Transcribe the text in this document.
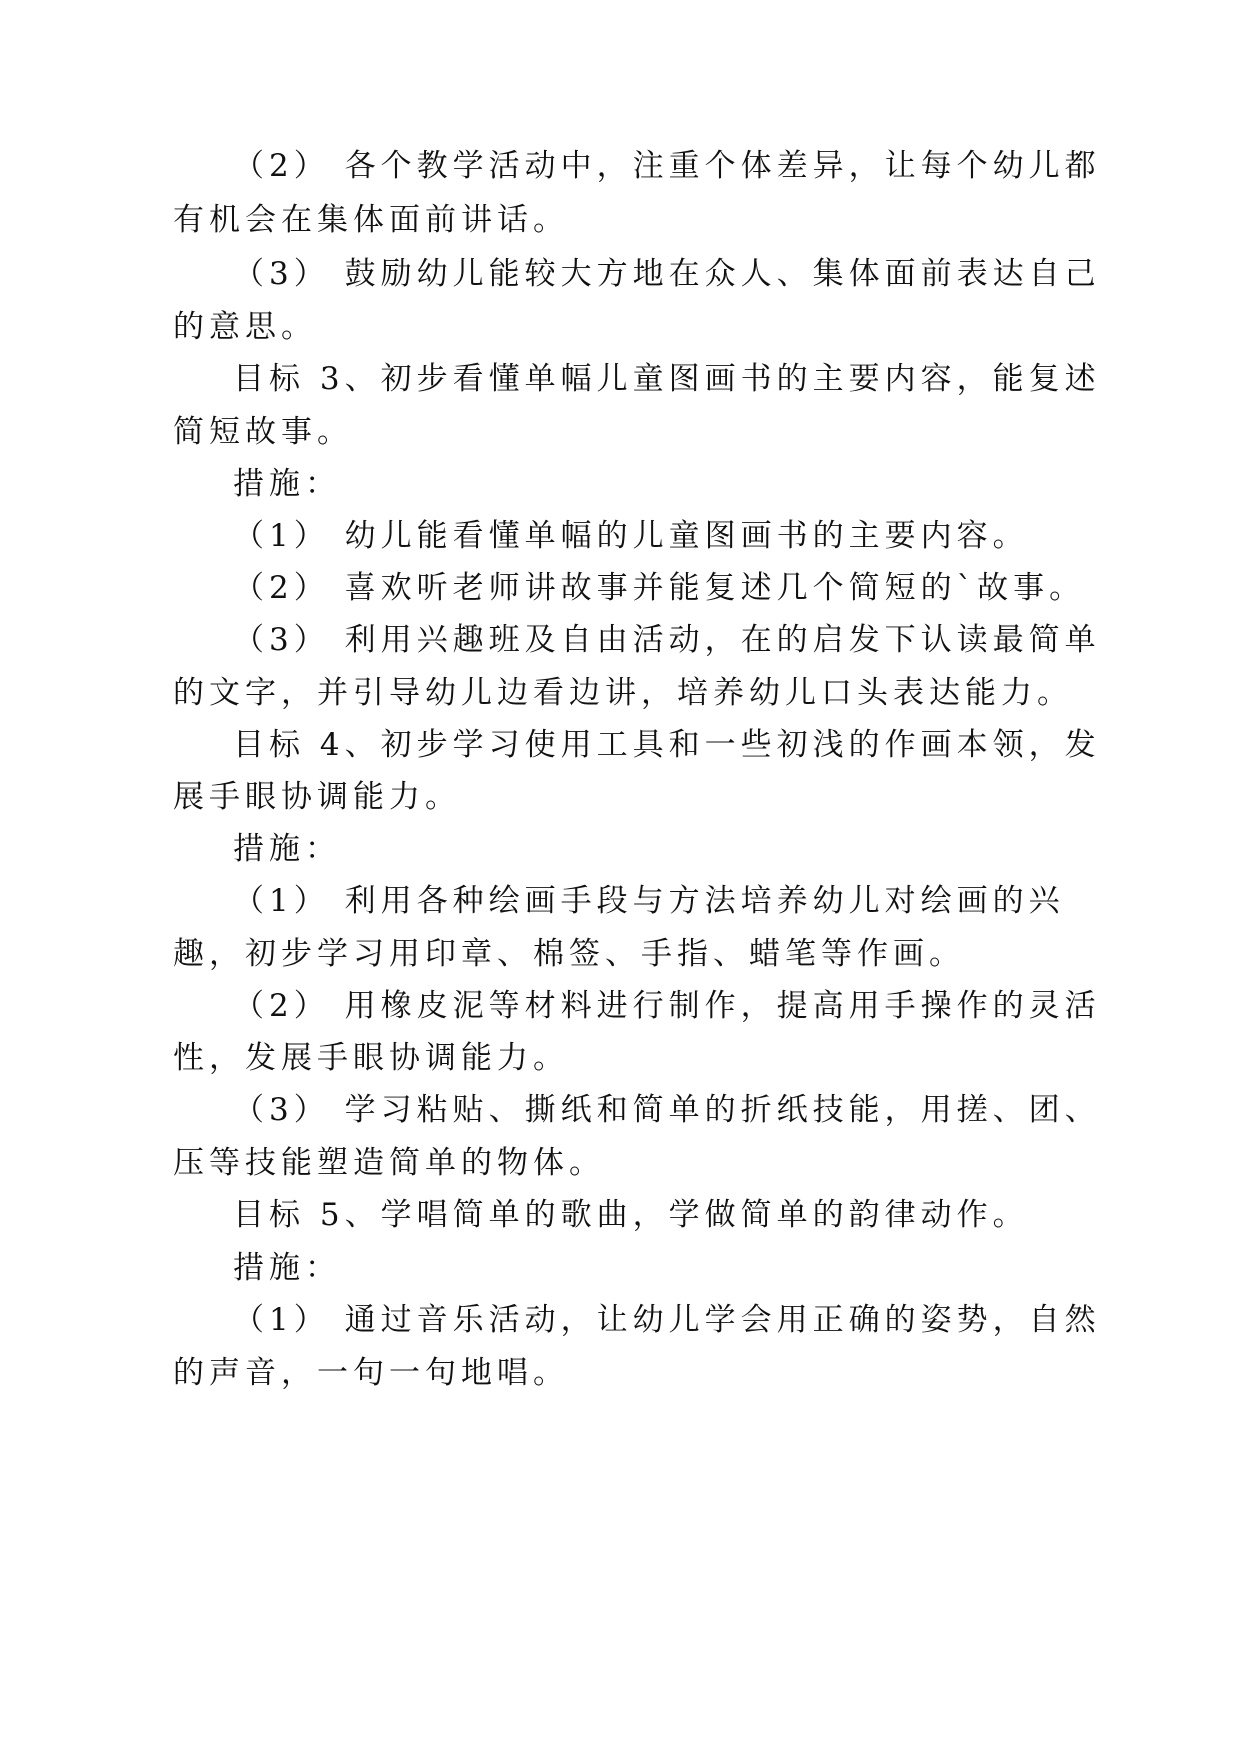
（2） 各个教学活动中，注重个体差异，让每个幼儿都
有机会在集体面前讲话。
（3） 鼓励幼儿能较大方地在众人、集体面前表达自己
的意思。
目标 3、初步看懂单幅儿童图画书的主要内容，能复述
简短故事。
措施：
（1） 幼儿能看懂单幅的儿童图画书的主要内容。
（2） 喜欢听老师讲故事并能复述几个简短的`故事。
（3） 利用兴趣班及自由活动，在的启发下认读最简单
的文字，并引导幼儿边看边讲，培养幼儿口头表达能力。
目标 4、初步学习使用工具和一些初浅的作画本领，发
展手眼协调能力。
措施：
（1） 利用各种绘画手段与方法培养幼儿对绘画的兴
趣，初步学习用印章、棉签、手指、蜡笔等作画。
（2） 用橡皮泥等材料进行制作，提高用手操作的灵活
性，发展手眼协调能力。
（3） 学习粘贴、撕纸和简单的折纸技能，用搓、团、
压等技能塑造简单的物体。
目标 5、学唱简单的歌曲，学做简单的韵律动作。
措施：
（1） 通过音乐活动，让幼儿学会用正确的姿势，自然
的声音，一句一句地唱。
